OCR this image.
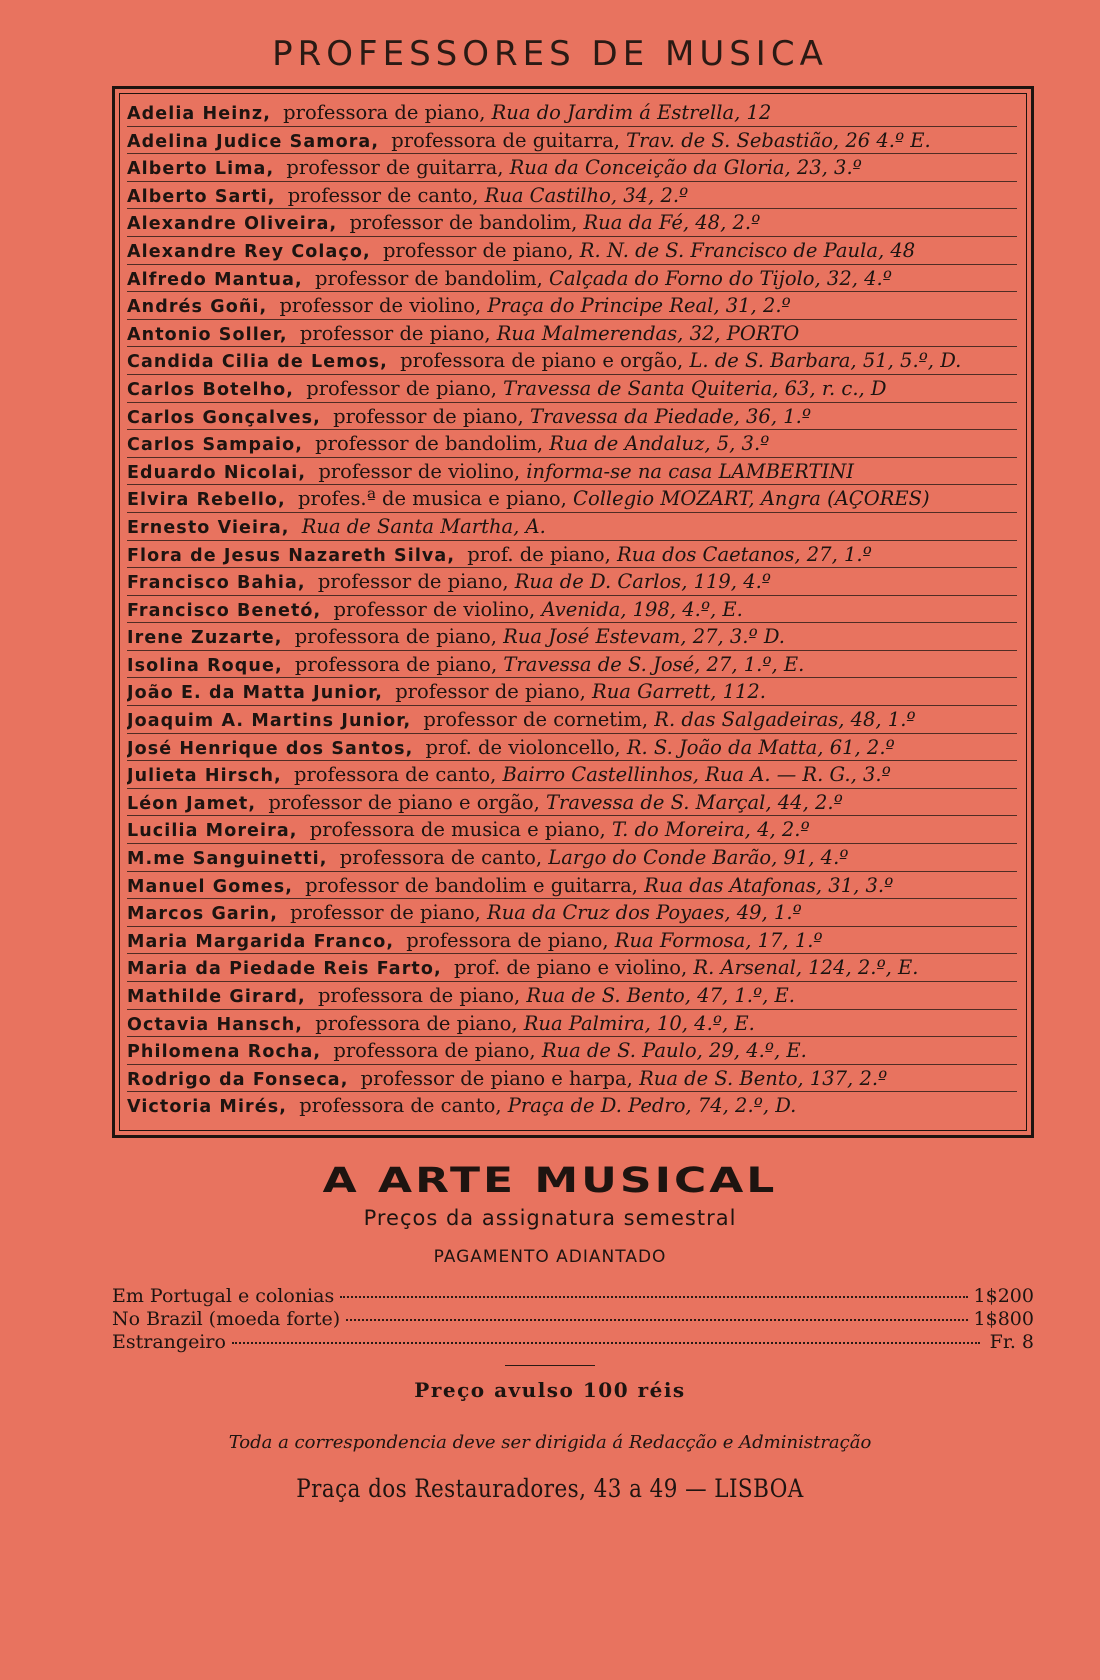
PROFESSORES DE MUSICA
Adelia Heinz, professora de piano, Rua do Jardim á Estrella, 12
Adelina Judice Samora, professora de guitarra, Trav. de S. Sebastião, 26 4.º E.
Alberto Lima, professor de guitarra, Rua da Conceição da Gloria, 23, 3.º
Alberto Sarti, professor de canto, Rua Castilho, 34, 2.º
Alexandre Oliveira, professor de bandolim, Rua da Fé, 48, 2.º
Alexandre Rey Colaço, professor de piano, R. N. de S. Francisco de Paula, 48
Alfredo Mantua, professor de bandolim, Calçada do Forno do Tijolo, 32, 4.º
Andrés Goñi, professor de violino, Praça do Principe Real, 31, 2.º
Antonio Soller, professor de piano, Rua Malmerendas, 32, PORTO
Candida Cilia de Lemos, professora de piano e orgão, L. de S. Barbara, 51, 5.º, D.
Carlos Botelho, professor de piano, Travessa de Santa Quiteria, 63, r. c., D
Carlos Gonçalves, professor de piano, Travessa da Piedade, 36, 1.º
Carlos Sampaio, professor de bandolim, Rua de Andaluz, 5, 3.º
Eduardo Nicolai, professor de violino, informa-se na casa LAMBERTINI
Elvira Rebello, profes.ª de musica e piano, Collegio MOZART, Angra (AÇORES)
Ernesto Vieira, Rua de Santa Martha, A.
Flora de Jesus Nazareth Silva, prof. de piano, Rua dos Caetanos, 27, 1.º
Francisco Bahia, professor de piano, Rua de D. Carlos, 119, 4.º
Francisco Benetó, professor de violino, Avenida, 198, 4.º, E.
Irene Zuzarte, professora de piano, Rua José Estevam, 27, 3.º D.
Isolina Roque, professora de piano, Travessa de S. José, 27, 1.º, E.
João E. da Matta Junior, professor de piano, Rua Garrett, 112.
Joaquim A. Martins Junior, professor de cornetim, R. das Salgadeiras, 48, 1.º
José Henrique dos Santos, prof. de violoncello, R. S. João da Matta, 61, 2.º
Julieta Hirsch, professora de canto, Bairro Castellinhos, Rua A. — R. G., 3.º
Léon Jamet, professor de piano e orgão, Travessa de S. Marçal, 44, 2.º
Lucilia Moreira, professora de musica e piano, T. do Moreira, 4, 2.º
M.me Sanguinetti, professora de canto, Largo do Conde Barão, 91, 4.º
Manuel Gomes, professor de bandolim e guitarra, Rua das Atafonas, 31, 3.º
Marcos Garin, professor de piano, Rua da Cruz dos Poyaes, 49, 1.º
Maria Margarida Franco, professora de piano, Rua Formosa, 17, 1.º
Maria da Piedade Reis Farto, prof. de piano e violino, R. Arsenal, 124, 2.º, E.
Mathilde Girard, professora de piano, Rua de S. Bento, 47, 1.º, E.
Octavia Hansch, professora de piano, Rua Palmira, 10, 4.º, E.
Philomena Rocha, professora de piano, Rua de S. Paulo, 29, 4.º, E.
Rodrigo da Fonseca, professor de piano e harpa, Rua de S. Bento, 137, 2.º
Victoria Mirés, professora de canto, Praça de D. Pedro, 74, 2.º, D.
A ARTE MUSICAL
Preços da assignatura semestral
PAGAMENTO ADIANTADO
Em Portugal e colonias	1$200
No Brazil (moeda forte)	1$800
Estrangeiro	Fr. 8
Preço avulso 100 réis
Toda a correspondencia deve ser dirigida á Redacção e Administração
Praça dos Restauradores, 43 a 49 — LISBOA
